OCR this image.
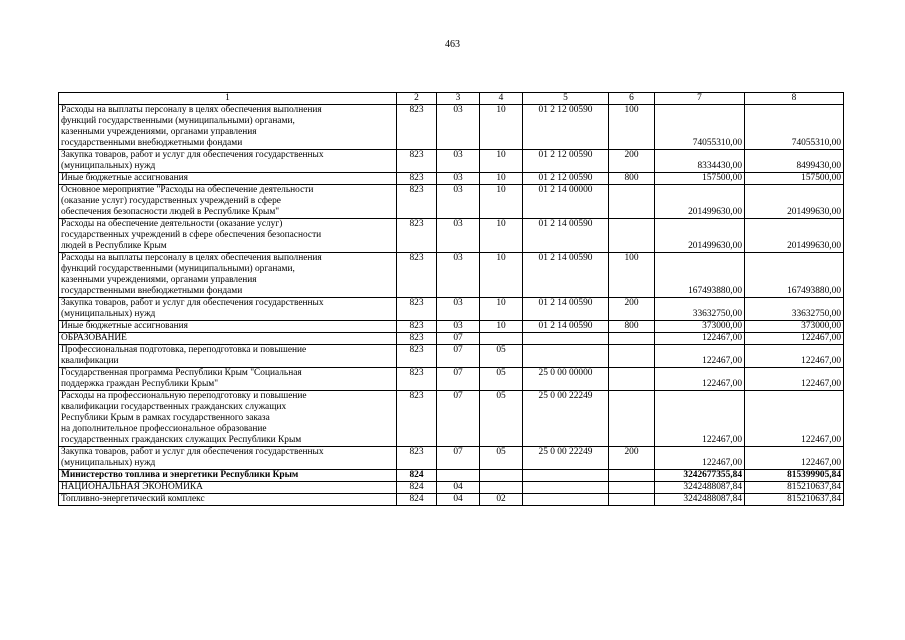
463
1	2	3	4	5	6	7	8
Расходы на выплаты персоналу в целях обеспечения выполнения
функций государственными (муниципальными) органами,
казенными учреждениями, органами управления
государственными внебюджетными фондами	823	03	10	01 2 12 00590	100	74055310,00	74055310,00
Закупка товаров, работ и услуг для обеспечения государственных
(муниципальных) нужд	823	03	10	01 2 12 00590	200	8334430,00	8499430,00
Иные бюджетные ассигнования	823	03	10	01 2 12 00590	800	157500,00	157500,00
Основное мероприятие "Расходы на обеспечение деятельности
(оказание услуг) государственных учреждений в сфере
обеспечения безопасности людей в Республике Крым"	823	03	10	01 2 14 00000		201499630,00	201499630,00
Расходы на обеспечение деятельности (оказание услуг)
государственных учреждений в сфере обеспечения безопасности
людей в Республике Крым	823	03	10	01 2 14 00590		201499630,00	201499630,00
Расходы на выплаты персоналу в целях обеспечения выполнения
функций государственными (муниципальными) органами,
казенными учреждениями, органами управления
государственными внебюджетными фондами	823	03	10	01 2 14 00590	100	167493880,00	167493880,00
Закупка товаров, работ и услуг для обеспечения государственных
(муниципальных) нужд	823	03	10	01 2 14 00590	200	33632750,00	33632750,00
Иные бюджетные ассигнования	823	03	10	01 2 14 00590	800	373000,00	373000,00
ОБРАЗОВАНИЕ	823	07				122467,00	122467,00
Профессиональная подготовка, переподготовка и повышение
квалификации	823	07	05			122467,00	122467,00
Государственная программа Республики Крым "Социальная
поддержка граждан Республики Крым"	823	07	05	25 0 00 00000		122467,00	122467,00
Расходы на профессиональную переподготовку и повышение
квалификации государственных гражданских служащих
Республики Крым в рамках государственного заказа
на дополнительное профессиональное образование
государственных гражданских служащих Республики Крым	823	07	05	25 0 00 22249		122467,00	122467,00
Закупка товаров, работ и услуг для обеспечения государственных
(муниципальных) нужд	823	07	05	25 0 00 22249	200	122467,00	122467,00
Министерство топлива и энергетики Республики Крым	824					3242677355,84	815399905,84
НАЦИОНАЛЬНАЯ ЭКОНОМИКА	824	04				3242488087,84	815210637,84
Топливно-энергетический комплекс	824	04	02			3242488087,84	815210637,84
